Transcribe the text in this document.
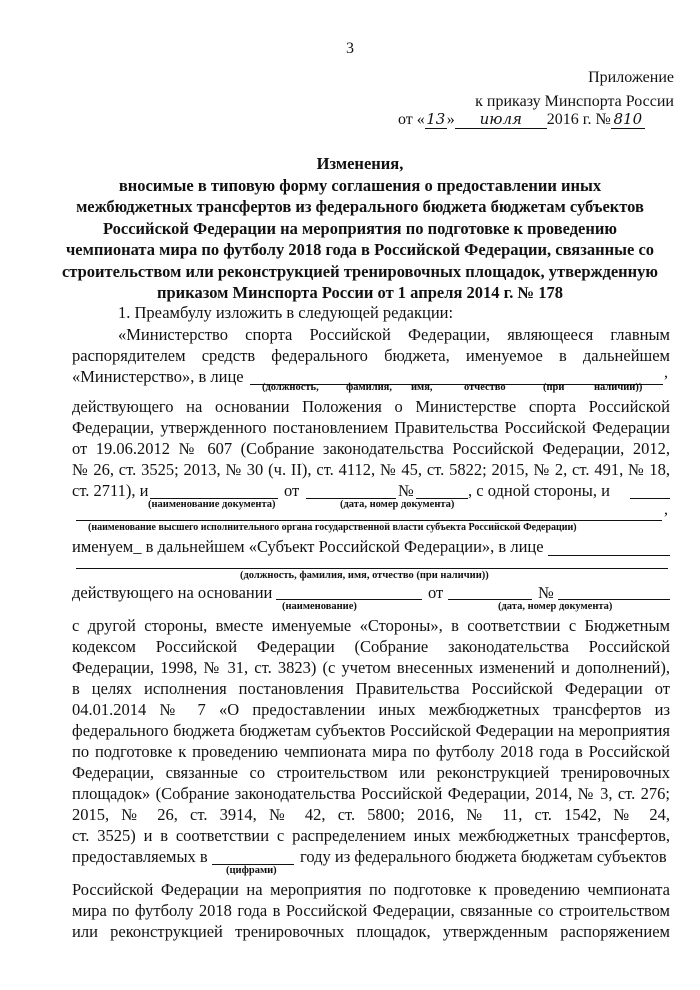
3
Приложение
к приказу Минспорта России
от «13» июля 2016 г. № 810
Изменения,
вносимые в типовую форму соглашения о предоставлении иных
межбюджетных трансфертов из федерального бюджета бюджетам субъектов
Российской Федерации на мероприятия по подготовке к проведению
чемпионата мира по футболу 2018 года в Российской Федерации, связанные со
строительством или реконструкцией тренировочных площадок, утвержденную
приказом Минспорта России от 1 апреля 2014 г. № 178
1. Преамбулу изложить в следующей редакции:
«Министерство спорта Российской Федерации, являющееся главным
распорядителем средств федерального бюджета, именуемое в дальнейшем
«Министерство», в лице	,
(должность,	фамилия, имя,	отчество	(при	наличии))
действующего на основании Положения о Министерстве спорта Российской
Федерации, утвержденного постановлением Правительства Российской Федерации
от 19.06.2012 № 607 (Собрание законодательства Российской Федерации, 2012,
№ 26, ст. 3525; 2013, № 30 (ч. II), ст. 4112, № 45, ст. 5822; 2015, № 2, ст. 491, № 18,
ст. 2711), и	от	№	, с одной стороны, и
(наименование документа)	(дата, номер документа)	,
(наименование высшего исполнительного органа государственной власти субъекта Российской Федерации)
именуем_ в дальнейшем «Субъект Российской Федерации», в лице
(должность, фамилия, имя, отчество (при наличии))
действующего на основании	от	№
(наименование)	(дата, номер документа)
с другой стороны, вместе именуемые «Стороны», в соответствии с Бюджетным
кодексом Российской Федерации (Собрание законодательства Российской
Федерации, 1998, № 31, ст. 3823) (с учетом внесенных изменений и дополнений),
в целях исполнения постановления Правительства Российской Федерации от
04.01.2014 № 7 «О предоставлении иных межбюджетных трансфертов из
федерального бюджета бюджетам субъектов Российской Федерации на мероприятия
по подготовке к проведению чемпионата мира по футболу 2018 года в Российской
Федерации, связанные со строительством или реконструкцией тренировочных
площадок» (Собрание законодательства Российской Федерации, 2014, № 3, ст. 276;
2015, № 26, ст. 3914, № 42, ст. 5800; 2016, № 11, ст. 1542, № 24,
ст. 3525) и в соответствии с распределением иных межбюджетных трансфертов,
предоставляемых в	году из федерального бюджета бюджетам субъектов
(цифрами)
Российской Федерации на мероприятия по подготовке к проведению чемпионата
мира по футболу 2018 года в Российской Федерации, связанные со строительством
или реконструкцией тренировочных площадок, утвержденным распоряжением
